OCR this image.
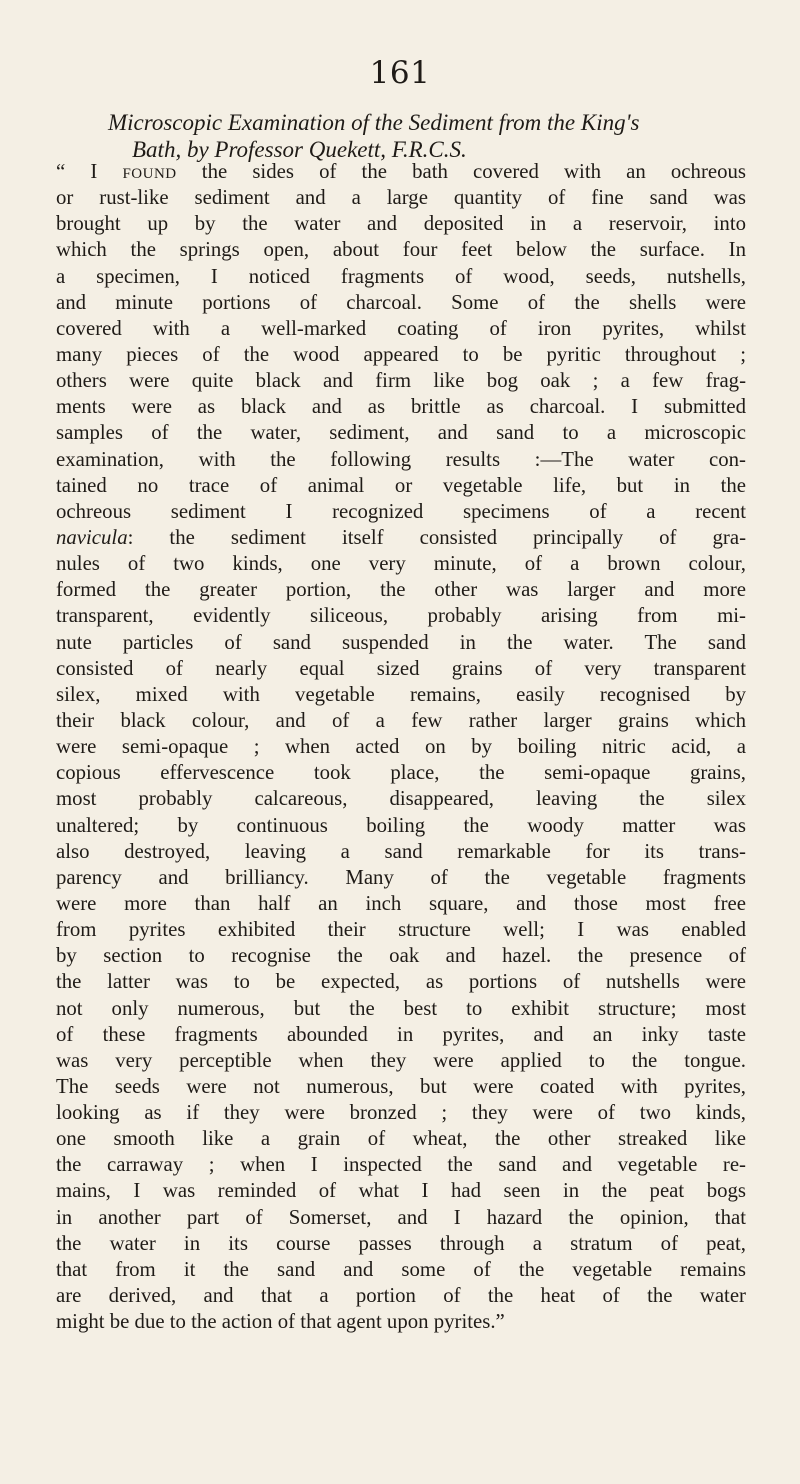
161
Microscopic Examination of the Sediment from the King's
Bath, by Professor Quekett, F.R.C.S.
“ I found the sides of the bath covered with an ochreous
or rust-like sediment and a large quantity of fine sand was
brought up by the water and deposited in a reservoir, into
which the springs open, about four feet below the surface. In
a specimen, I noticed fragments of wood, seeds, nutshells,
and minute portions of charcoal. Some of the shells were
covered with a well-marked coating of iron pyrites, whilst
many pieces of the wood appeared to be pyritic throughout ;
others were quite black and firm like bog oak ; a few frag-
ments were as black and as brittle as charcoal. I submitted
samples of the water, sediment, and sand to a microscopic
examination, with the following results :—The water con-
tained no trace of animal or vegetable life, but in the
ochreous sediment I recognized specimens of a recent
navicula: the sediment itself consisted principally of gra-
nules of two kinds, one very minute, of a brown colour,
formed the greater portion, the other was larger and more
transparent, evidently siliceous, probably arising from mi-
nute particles of sand suspended in the water. The sand
consisted of nearly equal sized grains of very transparent
silex, mixed with vegetable remains, easily recognised by
their black colour, and of a few rather larger grains which
were semi-opaque ; when acted on by boiling nitric acid, a
copious effervescence took place, the semi-opaque grains,
most probably calcareous, disappeared, leaving the silex
unaltered; by continuous boiling the woody matter was
also destroyed, leaving a sand remarkable for its trans-
parency and brilliancy. Many of the vegetable fragments
were more than half an inch square, and those most free
from pyrites exhibited their structure well; I was enabled
by section to recognise the oak and hazel. the presence of
the latter was to be expected, as portions of nutshells were
not only numerous, but the best to exhibit structure; most
of these fragments abounded in pyrites, and an inky taste
was very perceptible when they were applied to the tongue.
The seeds were not numerous, but were coated with pyrites,
looking as if they were bronzed ; they were of two kinds,
one smooth like a grain of wheat, the other streaked like
the carraway ; when I inspected the sand and vegetable re-
mains, I was reminded of what I had seen in the peat bogs
in another part of Somerset, and I hazard the opinion, that
the water in its course passes through a stratum of peat,
that from it the sand and some of the vegetable remains
are derived, and that a portion of the heat of the water
might be due to the action of that agent upon pyrites.”
